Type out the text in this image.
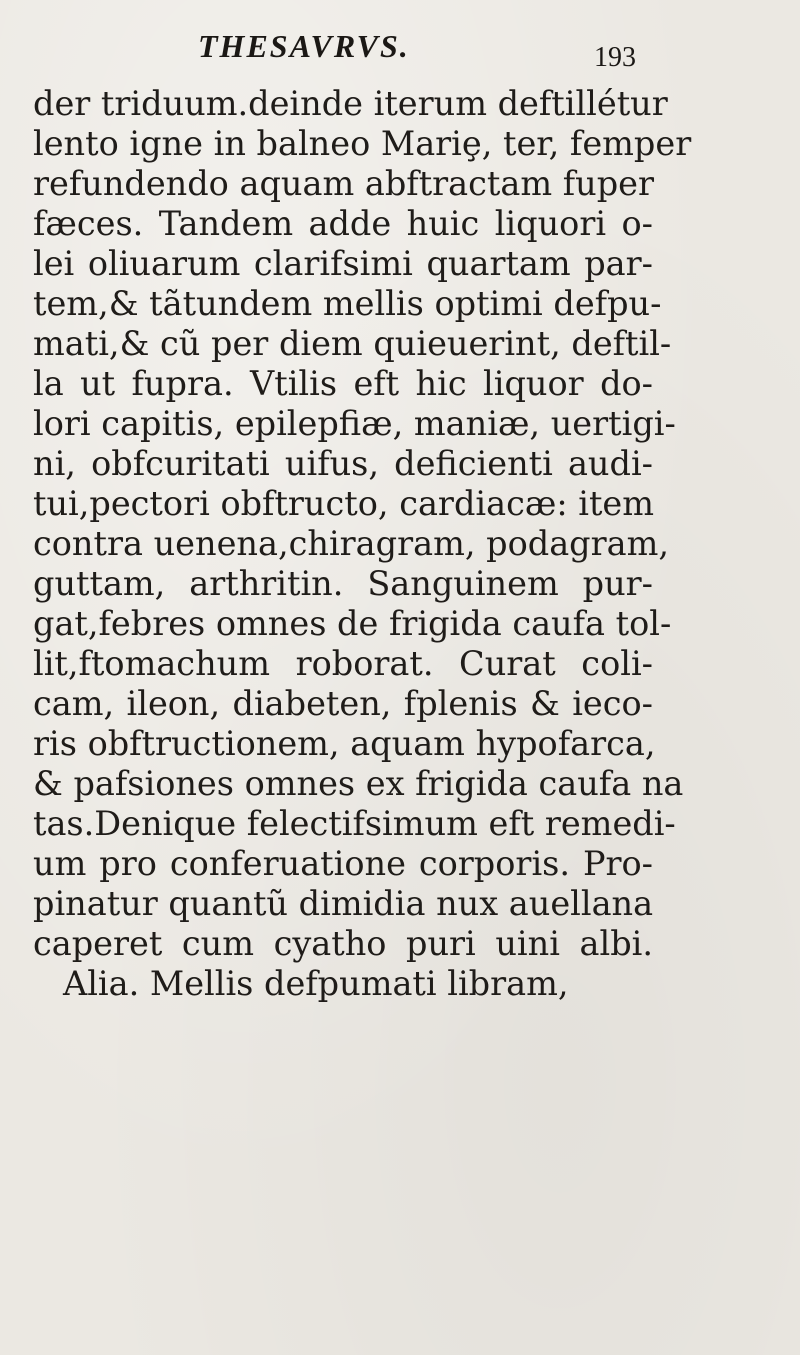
THESAVRVS.	193
der triduum.deinde iterum deftillétur
lento igne in balneo Mariȩ, ter, femper
refundendo aquam abftractam fuper
fæces. Tandem adde huic liquori o-
lei oliuarum clarifsimi quartam par-
tem,& tãtundem mellis optimi defpu-
mati,& cũ per diem quieuerint, deftil-
la ut fupra. Vtilis eft hic liquor do-
lori capitis, epilepfiæ, maniæ, uertigi-
ni, obfcuritati uifus, deficienti audi-
tui,pectori obftructo, cardiacæ: item
contra uenena,chiragram, podagram,
guttam, arthritin. Sanguinem pur-
gat,febres omnes de frigida caufa tol-
lit,ftomachum roborat. Curat coli-
cam, ileon, diabeten, fplenis & ieco-
ris obftructionem, aquam hypofarca,
& pafsiones omnes ex frigida caufa na
tas.Denique felectifsimum eft remedi-
um pro conferuatione corporis. Pro-
pinatur quantũ dimidia nux auellana
caperet cum cyatho puri uini albi.
Alia. Mellis defpumati libram,
